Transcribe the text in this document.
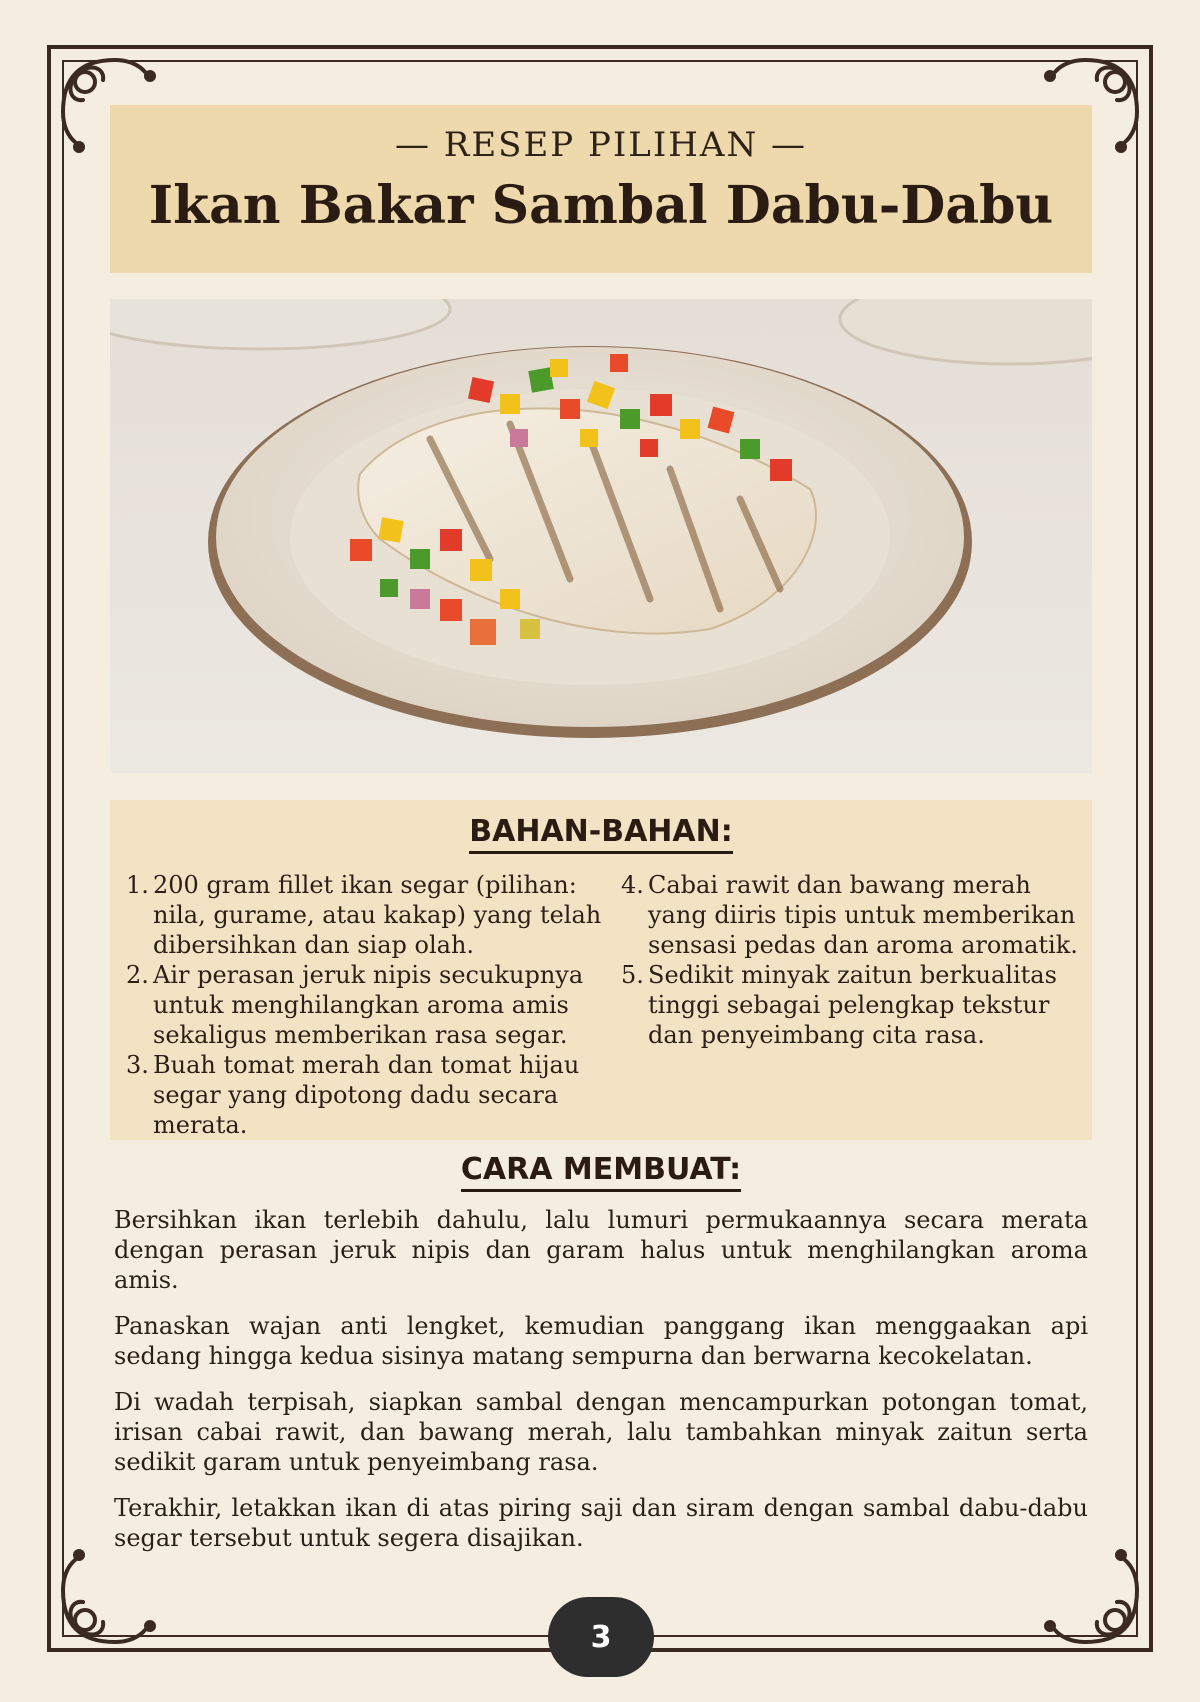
— RESEP PILIHAN —
Ikan Bakar Sambal Dabu-Dabu
BAHAN-BAHAN:
1. 200 gram fillet ikan segar (pilihan: nila, gurame, atau kakap) yang telah dibersihkan dan siap olah.
2. Air perasan jeruk nipis secukupnya untuk menghilangkan aroma amis sekaligus memberikan rasa segar.
3. Buah tomat merah dan tomat hijau segar yang dipotong dadu secara merata.
4. Cabai rawit dan bawang merah yang diiris tipis untuk memberikan sensasi pedas dan aroma aromatik.
5. Sedikit minyak zaitun berkualitas tinggi sebagai pelengkap tekstur dan penyeimbang cita rasa.
CARA MEMBUAT:

Bersihkan ikan terlebih dahulu, lalu lumuri permukaannya secara merata dengan perasan jeruk nipis dan garam halus untuk menghilangkan aroma amis.

Panaskan wajan anti lengket, kemudian panggang ikan menggaakan api sedang hingga kedua sisinya matang sempurna dan berwarna kecokelatan.

Di wadah terpisah, siapkan sambal dengan mencampurkan potongan tomat, irisan cabai rawit, dan bawang merah, lalu tambahkan minyak zaitun serta sedikit garam untuk penyeimbang rasa.

Terakhir, letakkan ikan di atas piring saji dan siram dengan sambal dabu-dabu segar tersebut untuk segera disajikan.

3
